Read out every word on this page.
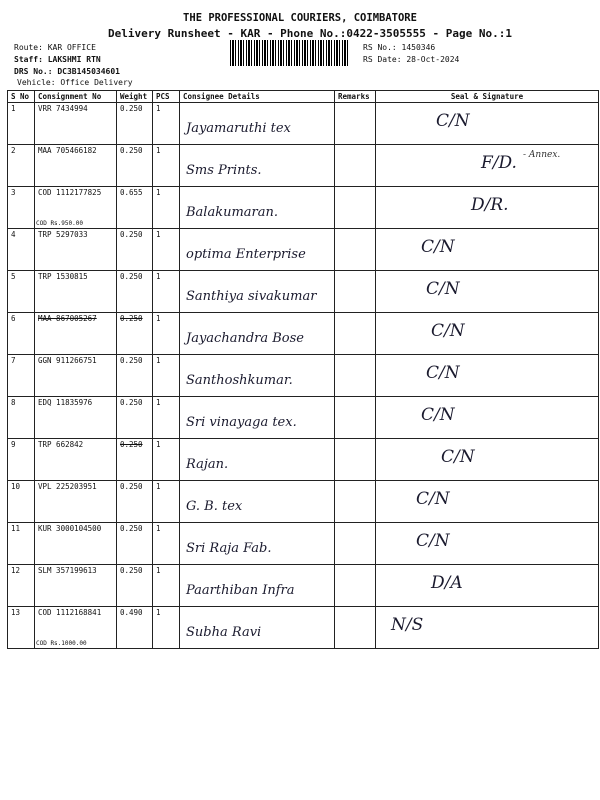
THE PROFESSIONAL COURIERS, COIMBATORE
Delivery Runsheet - KAR - Phone No.:0422-3505555 - Page No.:1
Route: KAR OFFICE
Staff: LAKSHMI RTN
DRS No.: DC3B145034601
Vehicle: Office Delivery
RS No.: 1450346
RS Date: 28-Oct-2024
- Annex.
S No	Consignment No	Weight	PCS	Consignee Details	Remarks	Seal & Signature
1	VRR 7434994	0.250	1	Jayamaruthi tex		C/N

2	MAA 705466182	0.250	1	Sms Prints.		F/D.

3	COD 1112177825
COD Rs.950.00	0.655	1	Balakumaran.		D/R.

4	TRP 5297033	0.250	1	optima Enterprise		C/N

5	TRP 1530815	0.250	1	Santhiya sivakumar		C/N

6	MAA 867005267	0.250	1	Jayachandra Bose		C/N

7	GGN 911266751	0.250	1	Santhoshkumar.		C/N

8	EDQ 11835976	0.250	1	Sri vinayaga tex.		C/N

9	TRP 662842	0.250	1	Rajan.		C/N

10	VPL 225203951	0.250	1	G. B. tex		C/N

11	KUR 3000104500	0.250	1	Sri Raja Fab.		C/N

12	SLM 357199613	0.250	1	Paarthiban Infra		D/A

13	COD 1112168841
COD Rs.1000.00	0.490	1	Subha Ravi		N/S
